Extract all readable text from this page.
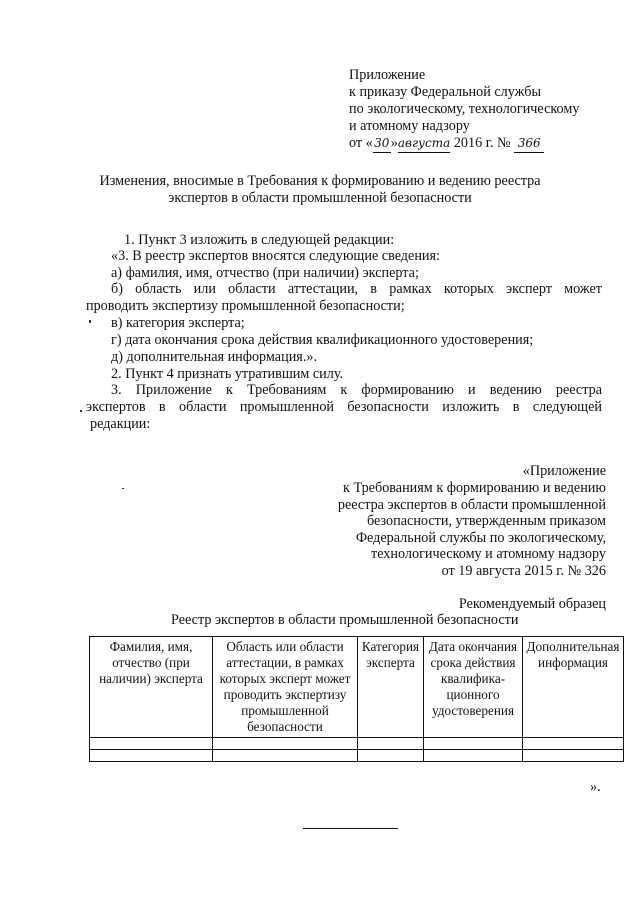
Приложение
к приказу Федеральной службы
по экологическому, технологическому
и атомному надзору
от «30»августа 2016 г. № 366
Изменения, вносимые в Требования к формированию и ведению реестра
экспертов в области промышленной безопасности
1. Пункт 3 изложить в следующей редакции:
«3. В реестр экспертов вносятся следующие сведения:
а) фамилия, имя, отчество (при наличии) эксперта;
б) область или области аттестации, в рамках которых эксперт может
проводить экспертизу промышленной безопасности;
в) категория эксперта;
г) дата окончания срока действия квалификационного удостоверения;
д) дополнительная информация.».
2. Пункт 4 признать утратившим силу.
3. Приложение к Требованиям к формированию и ведению реестра
экспертов в области промышленной безопасности изложить в следующей
редакции:
«Приложение
к Требованиям к формированию и ведению
реестра экспертов в области промышленной
безопасности, утвержденным приказом
Федеральной службы по экологическому,
технологическому и атомному надзору
от 19 августа 2015 г. № 326
Рекомендуемый образец
Реестр экспертов в области промышленной безопасности
Фамилия, имя, отчество (при наличии) эксперта	Область или области аттестации, в рамках которых эксперт может проводить экспертизу промышленной безопасности	Категория эксперта	Дата окончания срока действия квалифика-ционного удостоверения	Дополнительная информация

».
